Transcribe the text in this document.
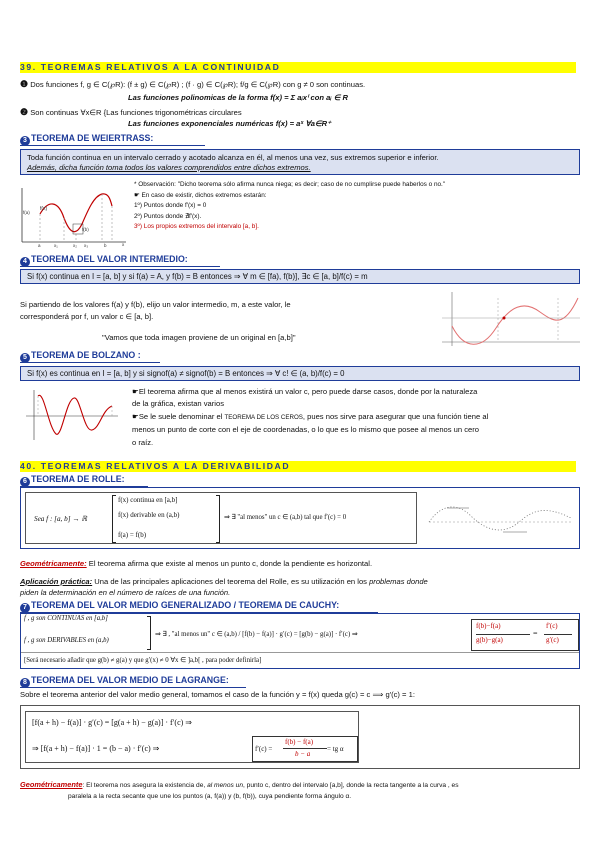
39. TEOREMAS RELATIVOS A LA CONTINUIDAD
❶ Dos funciones f, g ∈ C(℘R): (f ± g) ∈ C(℘R) ; (f · g) ∈ C(℘R); f/g ∈ C(℘R) con g ≠ 0 son continuas.
Las funciones polinomicas de la forma f(x) = Σ aᵢxⁱ con aᵢ ∈ R
❷ Son continuas ∀x∈R {Las funciones trigonométricas circulares
Las funciones exponenciales numéricas f(x) = aˣ ∀a∈R⁺
3 TEOREMA DE WEIERTRASS:
Toda función continua en un intervalo cerrado y acotado alcanza en él, al menos una vez, sus extremos superior e inferior.
Además, dicha función toma todos los valores comprendidos entre dichos extremos.
f(x)
f(b)
f(a)
a	x₁	x₂ x₃	b	x
* Observación: "Dicho teorema sólo afirma nunca niega; es decir; caso de no cumplirse puede haberlos o no."
☛ En caso de existir, dichos extremos estarán:
1º) Puntos donde f′(x) = 0
2º) Puntos donde ∄f′(x).
3º) Los propios extremos del intervalo [a, b].
4 TEOREMA DEL VALOR INTERMEDIO:
Si f(x) continua en I = [a, b] y si f(a) = A, y f(b) = B entonces ⇒ ∀ m ∈ [fa), f(b)], ∃c ∈ [a, b]/f(c) = m
Si partiendo de los valores f(a) y f(b), elijo un valor intermedio, m, a este valor, le
corresponderá por f, un valor c ∈ [a, b].
"Vamos que toda imagen proviene de un original en [a,b]"
5 TEOREMA DE BOLZANO :
Si f(x) es continua en I = [a, b] y si signof(a) ≠ signof(b) = B entonces ⇒ ∀ c! ∈ (a, b)/f(c) = 0
☛El teorema afirma que al menos existirá un valor c, pero puede darse casos, donde por la naturaleza
de la gráfica, existan varios
☛Se le suele denominar el TEOREMA DE LOS CEROS, pues nos sirve para asegurar que una función tiene al
menos un punto de corte con el eje de coordenadas, o lo que es lo mismo que posee al menos un cero
o raíz.
40. TEOREMAS RELATIVOS A LA DERIVABILIDAD
6 TEOREMA DE ROLLE:
Sea f : [a, b] → ℝ
f(x) continua en [a,b]
f(x) derivable en (a,b)
f(a) = f(b)
⇒ ∃ "al menos" un c ∈ (a,b) tal que f′(c) = 0
Geométricamente: El teorema afirma que existe al menos un punto c, donde la pendiente es horizontal.
Aplicación práctica: Una de las principales aplicaciones del teorema del Rolle, es su utilización en los problemas donde
piden la determinación en el número de raíces de una función.
7 TEOREMA DEL VALOR MEDIO GENERALIZADO / TEOREMA DE CAUCHY:
f , g son CONTINUAS en [a,b]
f , g son DERIVABLES en (a,b)
⇒ ∃ , "al menos un" c ∈ (a,b) / [f(b) − f(a)] · g′(c) = [g(b) − g(a)] · f′(c) ⇒
f(b)−f(a)
g(b)−g(a)
=
f′(c)
g′(c)
[Será necesario añadir que g(b) ≠ g(a) y que g′(x) ≠ 0 ∀x ∈ ]a,b[ , para poder definirla]
8 TEOREMA DEL VALOR MEDIO DE LAGRANGE:
Sobre el teorema anterior del valor medio general, tomamos el caso de la función y = f(x) queda g(c) = c ⟹ g′(c) = 1:
[f(a + h) − f(a)] · g′(c) = [g(a + h) − g(a)] · f′(c) ⇒
⇒ [f(a + h) − f(a)] · 1 = (b − a) · f′(c) ⇒	f′(c) =
f(b) − f(a)
b − a
= tg α
Geométricamente: El teorema nos asegura la existencia de, al menos un, punto c, dentro del intervalo [a,b], donde la recta tangente a la curva , es
paralela a la recta secante que une los puntos (a, f(a)) y (b, f(b)), cuya pendiente forma ángulo α.
